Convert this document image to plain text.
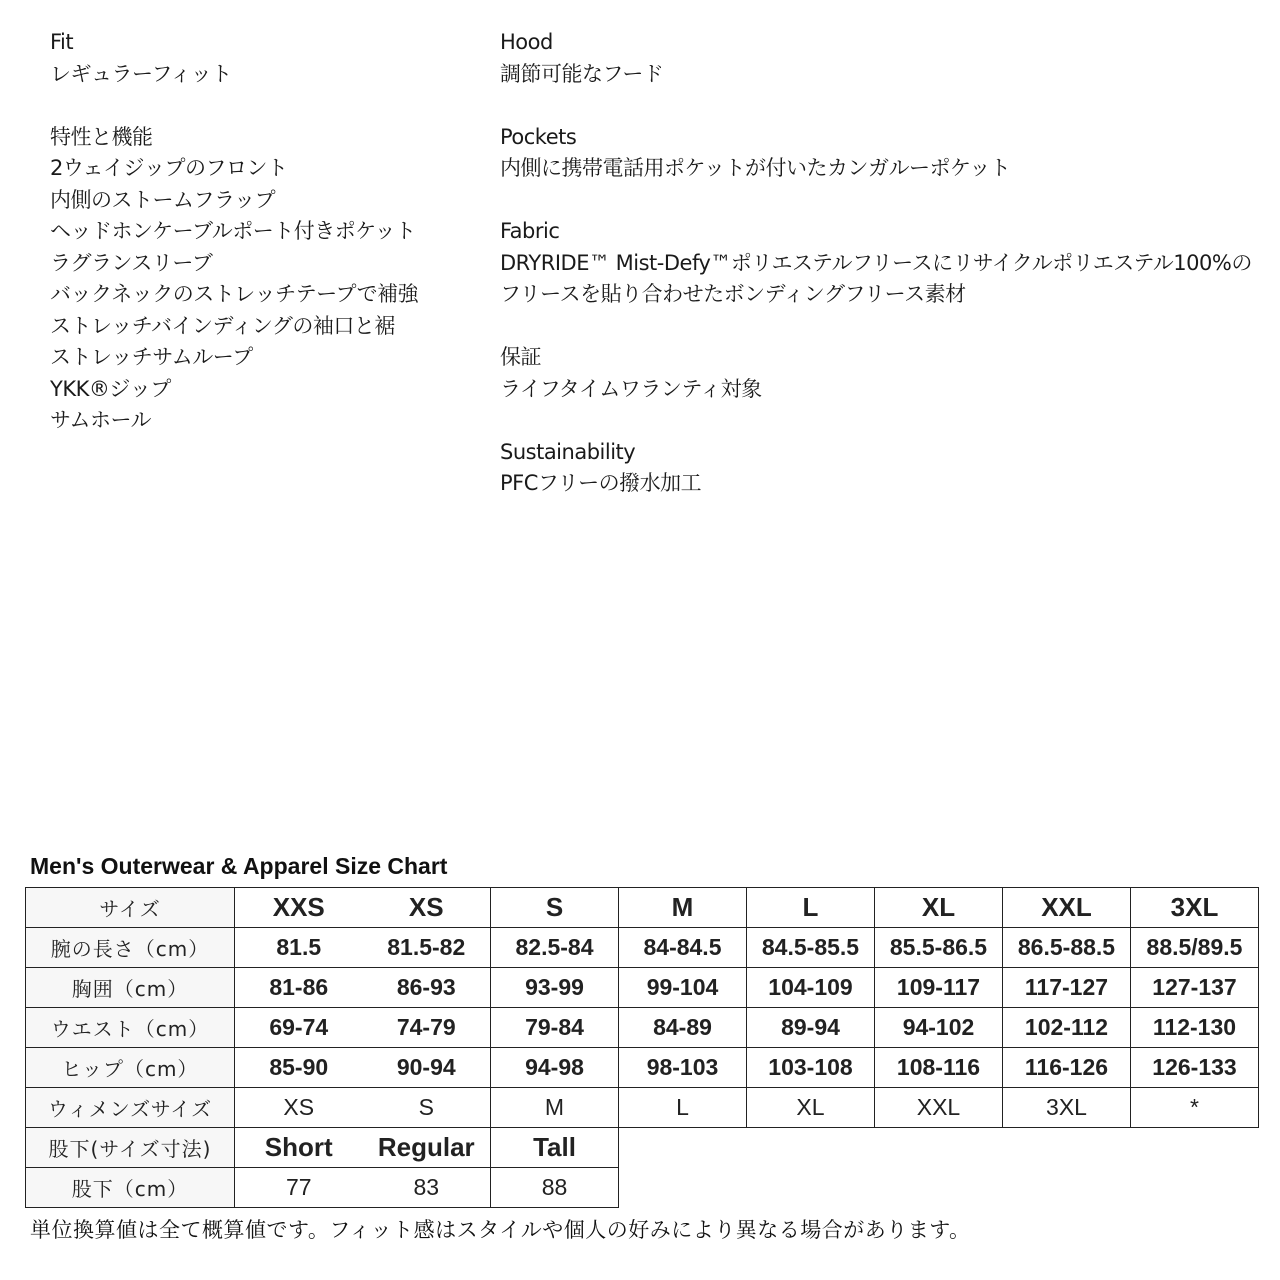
Fit
レギュラーフィット
特性と機能
2ウェイジップのフロント
内側のストームフラップ
ヘッドホンケーブルポート付きポケット
ラグランスリーブ
バックネックのストレッチテープで補強
ストレッチバインディングの袖口と裾
ストレッチサムループ
YKK®ジップ
サムホール
Hood
調節可能なフード
Pockets
内側に携帯電話用ポケットが付いたカンガルーポケット
Fabric
DRYRIDE™ Mist-Defy™ポリエステルフリースにリサイクルポリエステル100%の
フリースを貼り合わせたボンディングフリース素材
保証
ライフタイムワランティ対象
Sustainability
PFCフリーの撥水加工
Men's Outerwear & Apparel Size Chart
サイズ	XXS	XS	S	M	L	XL	XXL	3XL
腕の長さ（cm）	81.5	81.5-82	82.5-84	84-84.5	84.5-85.5	85.5-86.5	86.5-88.5	88.5/89.5
胸囲（cm）	81-86	86-93	93-99	99-104	104-109	109-117	117-127	127-137
ウエスト（cm）	69-74	74-79	79-84	84-89	89-94	94-102	102-112	112-130
ヒップ（cm）	85-90	90-94	94-98	98-103	103-108	108-116	116-126	126-133
ウィメンズサイズ	XS	S	M	L	XL	XXL	3XL	*
股下(サイズ寸法)	Short	Regular	Tall					
股下（cm）	77	83	88					
単位換算値は全て概算値です。フィット感はスタイルや個人の好みにより異なる場合があります。
